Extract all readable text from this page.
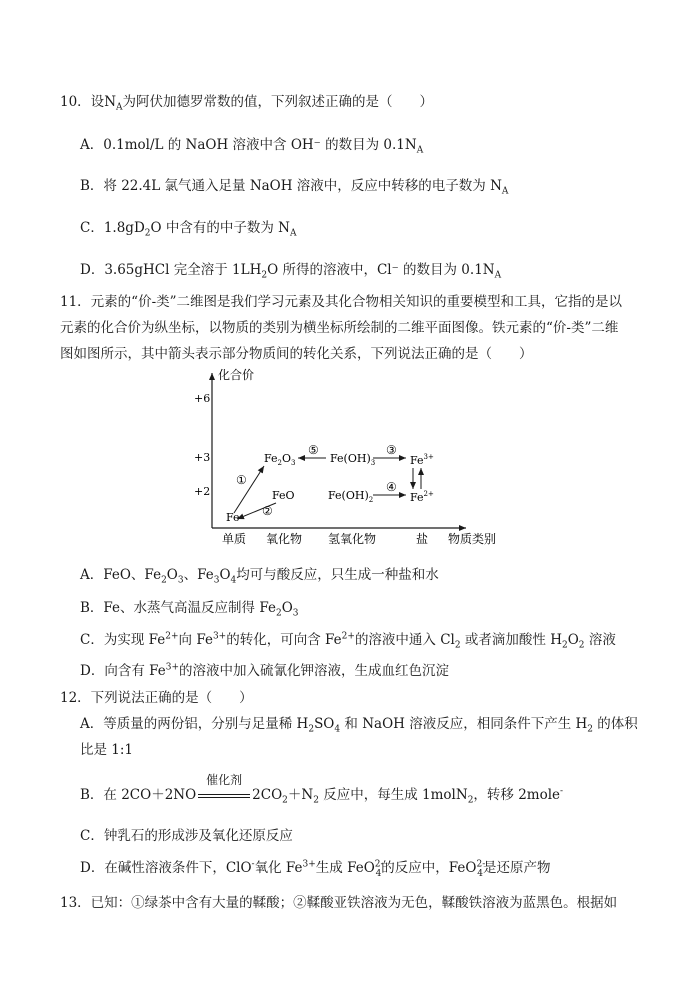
10．设$N_A$为阿伏加德罗常数的值，下列叙述正确的是（　　）
A．0.1mol/L 的 NaOH 溶液中含 OH⁻ 的数目为 $0.1N_A$
B．将 22.4L 氯气通入足量 NaOH 溶液中，反应中转移的电子数为 $N_A$
C．$1.8gD_2O$ 中含有的中子数为 $N_A$
D．3.65gHCl 完全溶于 $1LH_2O$ 所得的溶液中，Cl⁻ 的数目为 $0.1N_A$
11．元素的“价-类”二维图是我们学习元素及其化合物相关知识的重要模型和工具，它指的是以
元素的化合价为纵坐标，以物质的类别为横坐标所绘制的二维平面图像。铁元素的“价-类”二维
图如图所示，其中箭头表示部分物质间的转化关系，下列说法正确的是（　　）
化合价
+6
+3
+2
单质 氧化物 氢氧化物	盐 物质类别
Fe
FeO
$Fe_2O_3$	$Fe(OH)_3$
$Fe(OH)_2$
$Fe^{3+}$
$Fe^{2+}$
①
②
③
④
⑤
A．FeO、$Fe_2O_3$、$Fe_3O_4$均可与酸反应，只生成一种盐和水
B．Fe、水蒸气高温反应制得 $Fe_2O_3$
C．为实现 $Fe^{2+}$向 $Fe^{3+}$的转化，可向含 $Fe^{2+}$的溶液中通入 $Cl_2$ 或者滴加酸性 $H_2O_2$ 溶液
D．向含有 $Fe^{3+}$的溶液中加入硫氰化钾溶液，生成血红色沉淀
12．下列说法正确的是（　　）
A．等质量的两份铝，分别与足量稀 $H_2SO_4$ 和 NaOH 溶液反应，相同条件下产生 $H_2$ 的体积
比是 1:1
B．在 2CO＋2NO
催化剂
$2CO_2+N_2$ 反应中，每生成 1molN$_2$，转移 2mole-
C．钟乳石的形成涉及氧化还原反应
D．在碱性溶液条件下，ClO-氧化 $Fe^{3+}$生成 FeO$^{2-}_4$的反应中，FeO$^{2-}_4$是还原产物
13．已知：①绿茶中含有大量的鞣酸；②鞣酸亚铁溶液为无色，鞣酸铁溶液为蓝黑色。根据如
